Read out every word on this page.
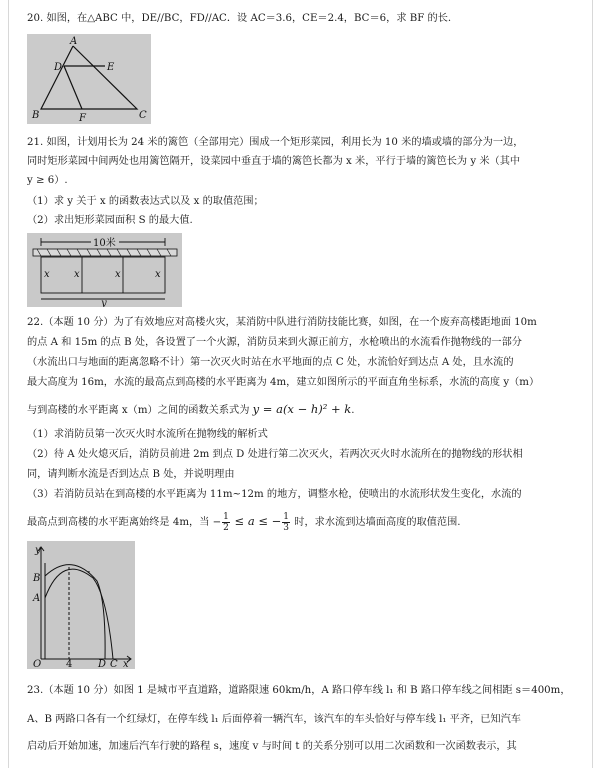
20. 如图，在△ABC 中，DE//BC，FD//AC．设 AC＝3.6，CE＝2.4，BC＝6，求 BF 的长.
A
D	E
B	F	C
21. 如图，计划用长为 24 米的篱笆（全部用完）围成一个矩形菜园，利用长为 10 米的墙或墙的部分为一边，
同时矩形菜园中间两处也用篱笆隔开，设菜园中垂直于墙的篱笆长都为 x 米，平行于墙的篱笆长为 y 米（其中
y ≥ 6）.
（1）求 y 关于 x 的函数表达式以及 x 的取值范围；
（2）求出矩形菜园面积 S 的最大值.
10米
x x	x	x
y
22.（本题 10 分）为了有效地应对高楼火灾，某消防中队进行消防技能比赛，如图，在一个废弃高楼距地面 10m
的点 A 和 15m 的点 B 处，各设置了一个火源，消防员来到火源正前方，水枪喷出的水流看作抛物线的一部分
（水流出口与地面的距离忽略不计）第一次灭火时站在水平地面的点 C 处，水流恰好到达点 A 处，且水流的
最大高度为 16m，水流的最高点到高楼的水平距离为 4m，建立如图所示的平面直角坐标系，水流的高度 y（m）
与到高楼的水平距离 x（m）之间的函数关系式为 y = a(x − h)² + k.
（1）求消防员第一次灭火时水流所在抛物线的解析式
（2）待 A 处火熄灭后，消防员前进 2m 到点 D 处进行第二次灭火，若两次灭火时水流所在的抛物线的形状相
同，请判断水流是否到达点 B 处，并说明理由
（3）若消防员站在到高楼的水平距离为 11m~12m 的地方，调整水枪，使喷出的水流形状发生变化，水流的
最高点到高楼的水平距离始终是 4m，当 − $\frac{1}{2} \le a$ ≤ − $\frac{1}{3}$ 时，求水流到达墙面高度的取值范围.
y
B
A
O 4	D C x
23.（本题 10 分）如图 1 是城市平直道路，道路限速 60km/h，A 路口停车线 l₁ 和 B 路口停车线之间相距 s＝400m，
A、B 两路口各有一个红绿灯，在停车线 l₁ 后面停着一辆汽车，该汽车的车头恰好与停车线 l₁ 平齐，已知汽车
启动后开始加速，加速后汽车行驶的路程 s，速度 v 与时间 t 的关系分别可以用二次函数和一次函数表示，其
